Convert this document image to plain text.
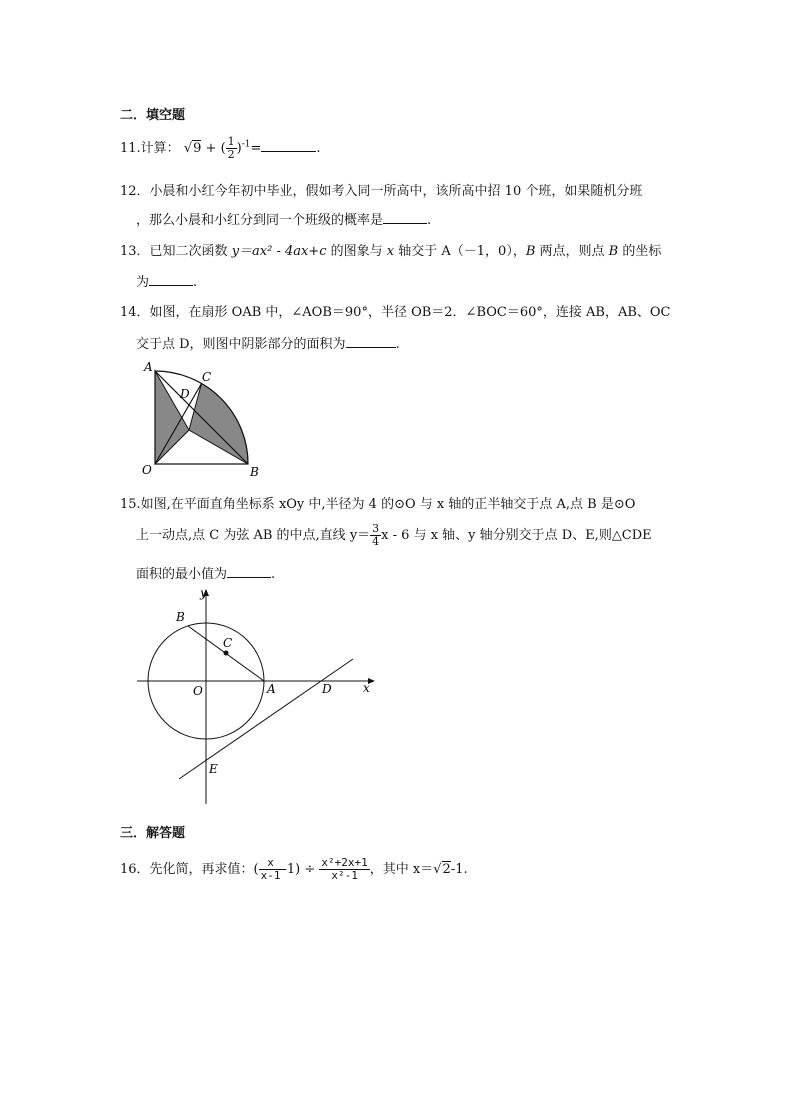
二．填空题
11.计算： √9 + ( $\frac{1}{2} )^{-1}=$	.
12．小晨和小红今年初中毕业，假如考入同一所高中，该所高中招 10 个班，如果随机分班
，那么小晨和小红分到同一个班级的概率是	.
13．已知二次函数 y＝ax² - 4ax+c 的图象与 x 轴交于 A（－1，0），B 两点，则点 B 的坐标
为	.
14．如图，在扇形 OAB 中，∠AOB＝90°，半径 OB＝2．∠BOC＝60°，连接 AB，AB、OC
交于点 D，则图中阴影部分的面积为	.
A
C
D
O	B
15.如图,在平面直角坐标系 xOy 中,半径为 4 的⊙O 与 x 轴的正半轴交于点 A,点 B 是⊙O
上一动点,点 C 为弦 AB 的中点,直线 $y= \frac{3}{4}$ x - 6 与 x 轴、y 轴分别交于点 D、E,则△CDE
面积的最小值为	.
y
x
B
C
O	A	D
E
三．解答题
16．先化简，再求值：( $\frac{x}{x-1} -1) \div \frac{\text{x²+2x+1}}{\text{x²-1}}$ ，其中 x＝√2-1.
